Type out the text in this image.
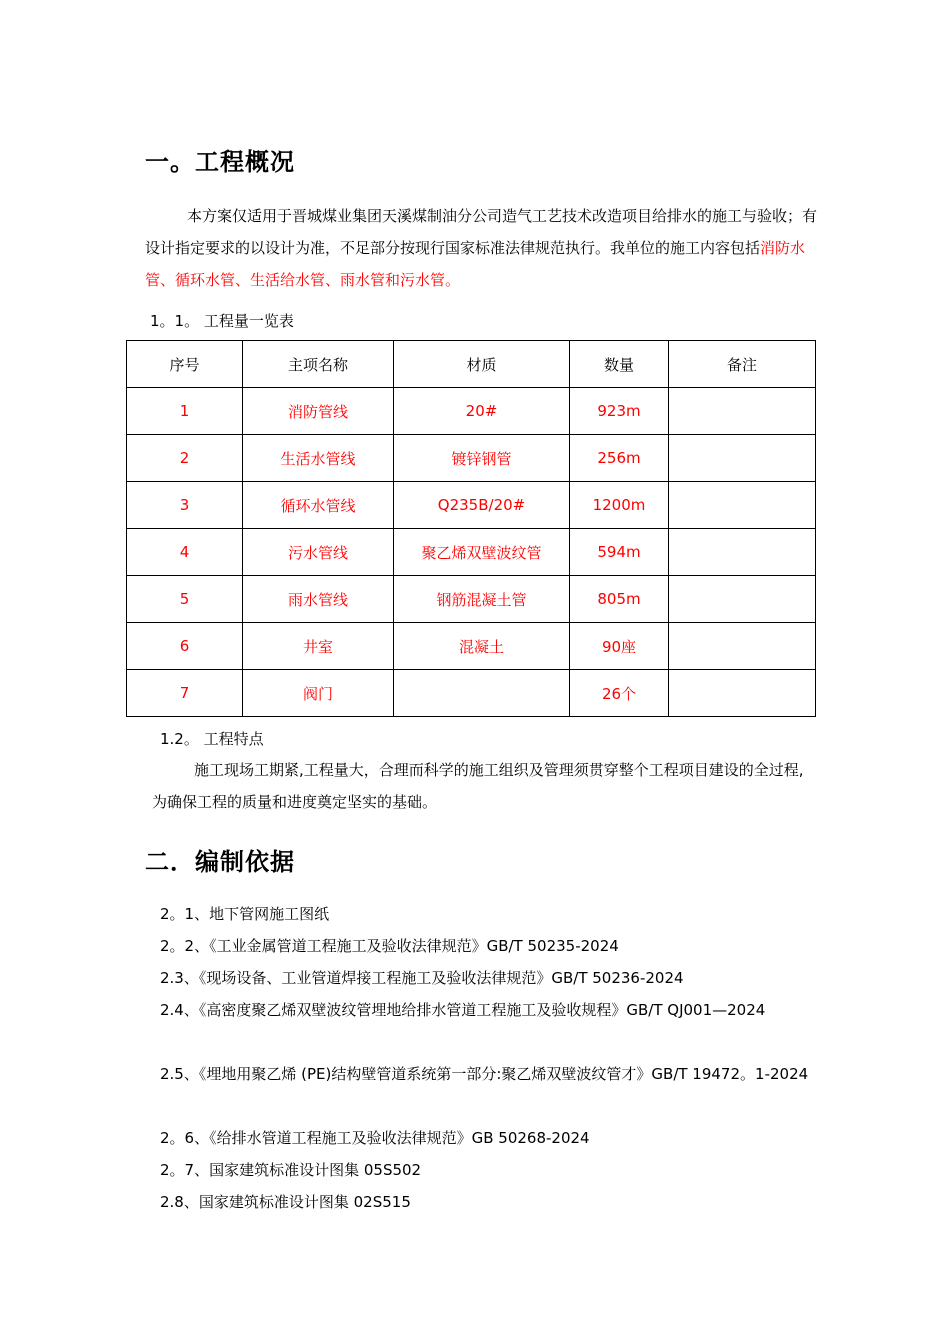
一。工程概况
本方案仅适用于晋城煤业集团天溪煤制油分公司造气工艺技术改造项目给排水的施工与验收；有设计指定要求的以设计为准，不足部分按现行国家标准法律规范执行。我单位的施工内容包括消防水管、循环水管、生活给水管、雨水管和污水管。
1。1。 工程量一览表
序号	主项名称	材质	数量	备注
1	消防管线	20#	923m	
2	生活水管线	镀锌钢管	256m	
3	循环水管线	Q235B/20#	1200m	
4	污水管线	聚乙烯双壁波纹管	594m	
5	雨水管线	钢筋混凝土管	805m	
6	井室	混凝土	90座	
7	阀门		26个	
1.2。 工程特点
施工现场工期紧,工程量大，合理而科学的施工组织及管理须贯穿整个工程项目建设的全过程,为确保工程的质量和进度奠定坚实的基础。
二．编制依据
2。1、地下管网施工图纸
2。2、《工业金属管道工程施工及验收法律规范》GB/T 50235-2024
2.3、《现场设备、工业管道焊接工程施工及验收法律规范》GB/T 50236-2024
2.4、《高密度聚乙烯双壁波纹管埋地给排水管道工程施工及验收规程》GB/T QJ001—2024
2.5、《埋地用聚乙烯 (PE)结构壁管道系统第一部分:聚乙烯双壁波纹管才》GB/T 19472。1-2024
2。6、《给排水管道工程施工及验收法律规范》GB 50268-2024
2。7、国家建筑标准设计图集 05S502
2.8、国家建筑标准设计图集 02S515
